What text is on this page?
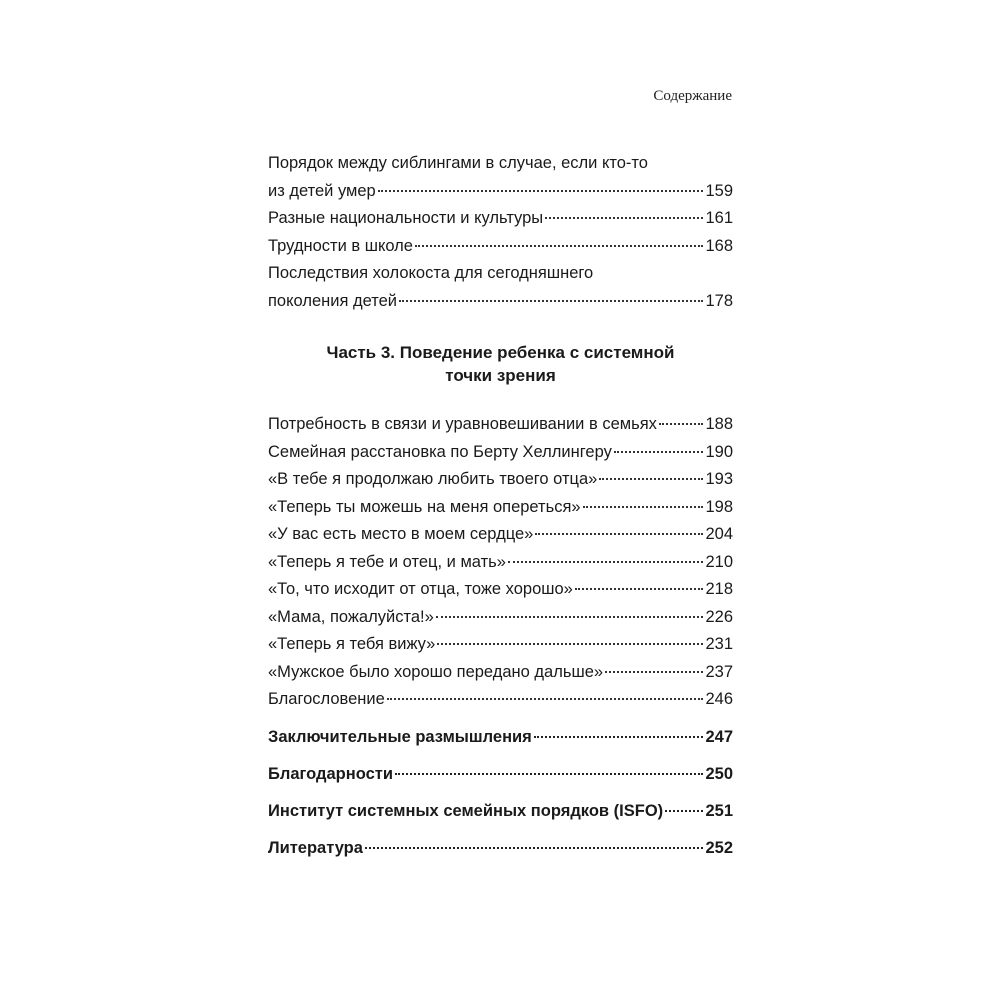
Содержание
Порядок между сиблингами в случае, если кто-то
из детей умер	159
Разные национальности и культуры	161
Трудности в школе	168
Последствия холокоста для сегодняшнего
поколения детей	178
Часть 3. Поведение ребенка с системной
точки зрения
Потребность в связи и уравновешивании в семьях	188
Семейная расстановка по Берту Хеллингеру	190
«В тебе я продолжаю любить твоего отца»	193
«Теперь ты можешь на меня опереться»	198
«У вас есть место в моем сердце»	204
«Теперь я тебе и отец, и мать»	210
«То, что исходит от отца, тоже хорошо»	218
«Мама, пожалуйста!»	226
«Теперь я тебя вижу»	231
«Мужское было хорошо передано дальше»	237
Благословение	246
Заключительные размышления	247
Благодарности	250
Институт системных семейных порядков (ISFO)	251
Литература	252
